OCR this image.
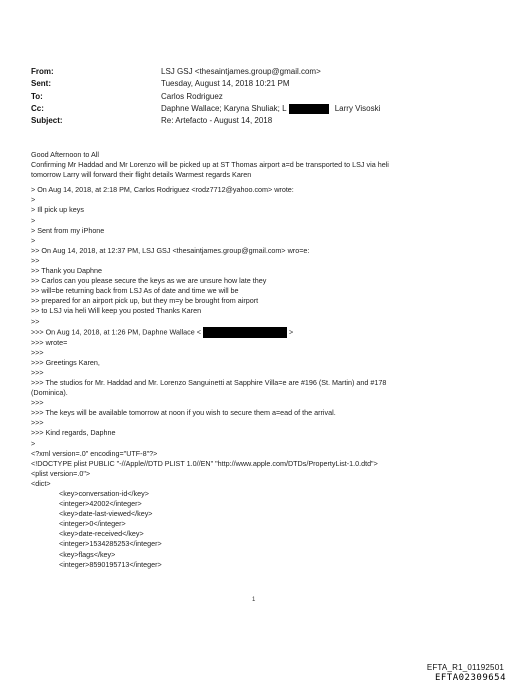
From:	LSJ GSJ <thesaintjames.group@gmail.com>
Sent:	Tuesday, August 14, 2018 10:21 PM
To:	Carlos Rodriguez
Cc:	Daphne Wallace; Karyna Shuliak; L	Larry Visoski
Subject:	Re: Artefacto - August 14, 2018
Good Afternoon to All
Confirming Mr Haddad and Mr Lorenzo will be picked up at ST Thomas airport a=d be transported to LSJ via heli
tomorrow Larry will forward their flight details Warmest regards Karen
> On Aug 14, 2018, at 2:18 PM, Carlos Rodriguez <rodz7712@yahoo.com> wrote:
>
> Ill pick up keys
>
> Sent from my iPhone
>
>> On Aug 14, 2018, at 12:37 PM, LSJ GSJ <thesaintjames.group@gmail.com> wro=e:
>>
>> Thank you Daphne
>> Carlos can you please secure the keys as we are unsure how late they
>> will=be returning back from LSJ As of date and time we will be
>> prepared for an airport pick up, but they m=y be brought from airport
>> to LSJ via heli Will keep you posted Thanks Karen
>>
>>> On Aug 14, 2018, at 1:26 PM, Daphne Wallace <	>
>>> wrote=
>>>
>>> Greetings Karen,
>>>
>>> The studios for Mr. Haddad and Mr. Lorenzo Sanguinetti at Sapphire Villa=e are #196 (St. Martin) and #178
(Dominica).
>>>
>>> The keys will be available tomorrow at noon if you wish to secure them a=ead of the arrival.
>>>
>>> Kind regards, Daphne
>
<?xml version=.0" encoding="UTF-8"?>
<!DOCTYPE plist PUBLIC "-//Apple//DTD PLIST 1.0//EN" "http://www.apple.com/DTDs/PropertyList-1.0.dtd">
<plist version=.0">
<dict>
<key>conversation-id</key>
<integer>42002</integer>
<key>date-last-viewed</key>
<integer>0</integer>
<key>date-received</key>
<integer>1534285253</integer>
<key>flags</key>
<integer>8590195713</integer>
1
EFTA_R1_01192501
EFTA02309654
